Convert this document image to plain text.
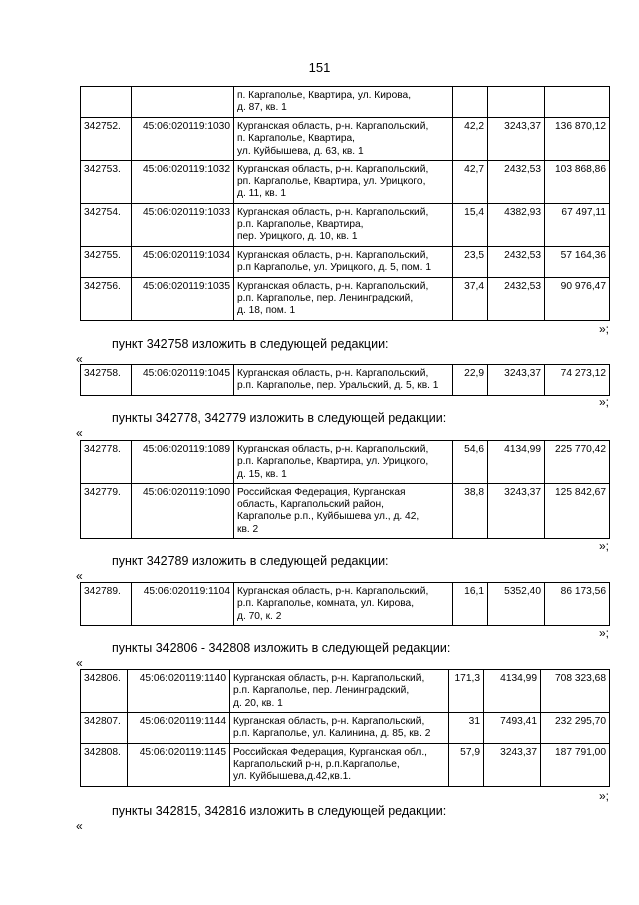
151

		п. Каргаполье, Квартира, ул. Кирова,
д. 87, кв. 1			

342752.	45:06:020119:1030	Курганская область, р-н. Каргапольский,
п. Каргаполье, Квартира,
ул. Куйбышева, д. 63, кв. 1	42,2	3243,37	136 870,12
342753.	45:06:020119:1032	Курганская область, р-н. Каргапольский,
рп. Каргаполье, Квартира, ул. Урицкого,
д. 11, кв. 1	42,7	2432,53	103 868,86
342754.	45:06:020119:1033	Курганская область, р-н. Каргапольский,
р.п. Каргаполье, Квартира,
пер. Урицкого, д. 10, кв. 1	15,4	4382,93	67 497,11
342755.	45:06:020119:1034	Курганская область, р-н. Каргапольский,
р.п Каргаполье, ул. Урицкого, д. 5, пом. 1	23,5	2432,53	57 164,36
342756.	45:06:020119:1035	Курганская область, р-н. Каргапольский,
р.п. Каргаполье, пер. Ленинградский,
д. 18, пом. 1	37,4	2432,53	90 976,47
»;
пункт 342758 изложить в следующей редакции:
«
342758.	45:06:020119:1045	Курганская область, р-н. Каргапольский,
р.п. Каргаполье, пер. Уральский, д. 5, кв. 1
	22,9	3243,37	74 273,12
»;
пункты 342778, 342779 изложить в следующей редакции:
«
342778.	45:06:020119:1089	Курганская область, р-н. Каргапольский,
р.п. Каргаполье, Квартира, ул. Урицкого,
д. 15, кв. 1	54,6	4134,99	225 770,42
342779.	45:06:020119:1090	Российская Федерация, Курганская
область, Каргапольский район,
Каргаполье р.п., Куйбышева ул., д. 42,
кв. 2	38,8	3243,37	125 842,67
»;
пункт 342789 изложить в следующей редакции:
«
342789.	45:06:020119:1104	Курганская область, р-н. Каргапольский,
р.п. Каргаполье, комната, ул. Кирова,
д. 70, к. 2
	16,1	5352,40	86 173,56
»;
пункты 342806 - 342808 изложить в следующей редакции:
«
342806.	45:06:020119:1140	Курганская область, р-н. Каргапольский,
р.п. Каргаполье, пер. Ленинградский,
д. 20, кв. 1	171,3	4134,99	708 323,68
342807.	45:06:020119:1144	Курганская область, р-н. Каргапольский,
р.п. Каргаполье, ул. Калинина, д. 85, кв. 2	31	7493,41	232 295,70
342808.	45:06:020119:1145	Российская Федерация, Курганская обл.,
Каргапольский р-н, р.п.Каргаполье,
ул. Куйбышева,д.42,кв.1.	57,9	3243,37	187 791,00
»;
пункты 342815, 342816 изложить в следующей редакции:
«
